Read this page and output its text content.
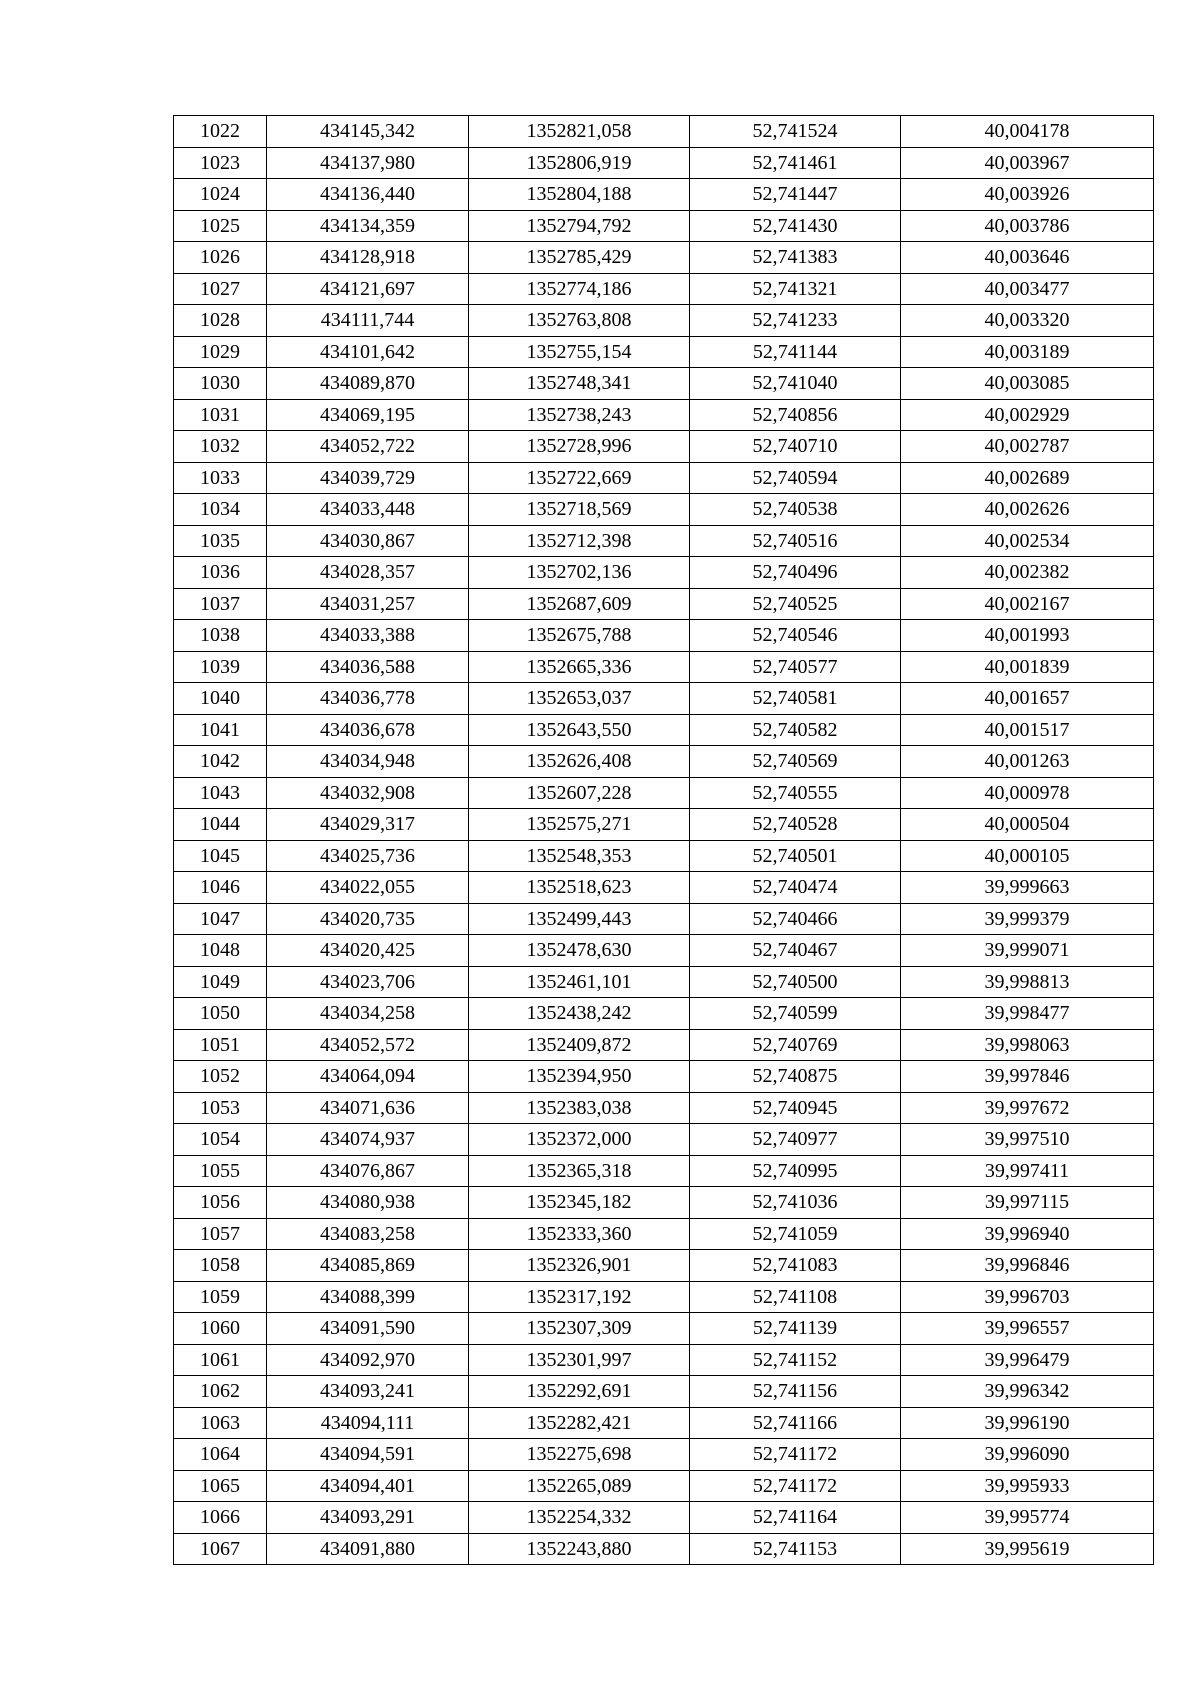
1022	434145,342	1352821,058	52,741524	40,004178
1023	434137,980	1352806,919	52,741461	40,003967
1024	434136,440	1352804,188	52,741447	40,003926
1025	434134,359	1352794,792	52,741430	40,003786
1026	434128,918	1352785,429	52,741383	40,003646
1027	434121,697	1352774,186	52,741321	40,003477
1028	434111,744	1352763,808	52,741233	40,003320
1029	434101,642	1352755,154	52,741144	40,003189
1030	434089,870	1352748,341	52,741040	40,003085
1031	434069,195	1352738,243	52,740856	40,002929
1032	434052,722	1352728,996	52,740710	40,002787
1033	434039,729	1352722,669	52,740594	40,002689
1034	434033,448	1352718,569	52,740538	40,002626
1035	434030,867	1352712,398	52,740516	40,002534
1036	434028,357	1352702,136	52,740496	40,002382
1037	434031,257	1352687,609	52,740525	40,002167
1038	434033,388	1352675,788	52,740546	40,001993
1039	434036,588	1352665,336	52,740577	40,001839
1040	434036,778	1352653,037	52,740581	40,001657
1041	434036,678	1352643,550	52,740582	40,001517
1042	434034,948	1352626,408	52,740569	40,001263
1043	434032,908	1352607,228	52,740555	40,000978
1044	434029,317	1352575,271	52,740528	40,000504
1045	434025,736	1352548,353	52,740501	40,000105
1046	434022,055	1352518,623	52,740474	39,999663
1047	434020,735	1352499,443	52,740466	39,999379
1048	434020,425	1352478,630	52,740467	39,999071
1049	434023,706	1352461,101	52,740500	39,998813
1050	434034,258	1352438,242	52,740599	39,998477
1051	434052,572	1352409,872	52,740769	39,998063
1052	434064,094	1352394,950	52,740875	39,997846
1053	434071,636	1352383,038	52,740945	39,997672
1054	434074,937	1352372,000	52,740977	39,997510
1055	434076,867	1352365,318	52,740995	39,997411
1056	434080,938	1352345,182	52,741036	39,997115
1057	434083,258	1352333,360	52,741059	39,996940
1058	434085,869	1352326,901	52,741083	39,996846
1059	434088,399	1352317,192	52,741108	39,996703
1060	434091,590	1352307,309	52,741139	39,996557
1061	434092,970	1352301,997	52,741152	39,996479
1062	434093,241	1352292,691	52,741156	39,996342
1063	434094,111	1352282,421	52,741166	39,996190
1064	434094,591	1352275,698	52,741172	39,996090
1065	434094,401	1352265,089	52,741172	39,995933
1066	434093,291	1352254,332	52,741164	39,995774
1067	434091,880	1352243,880	52,741153	39,995619
